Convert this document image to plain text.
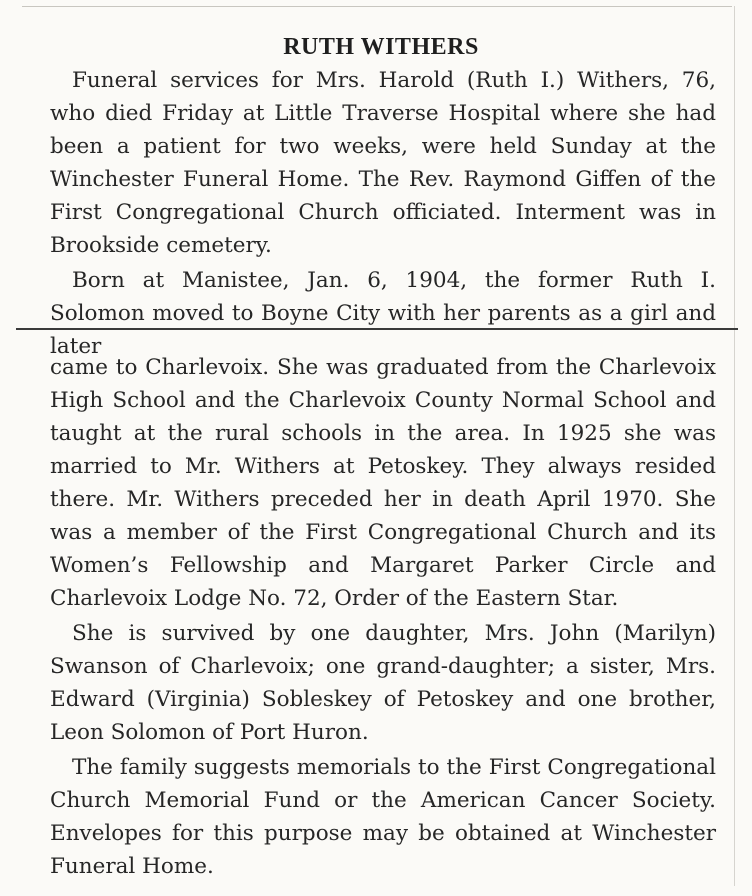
RUTH WITHERS

Funeral services for Mrs. Harold (Ruth I.) Withers, 76, who died Friday at Little Traverse Hospital where she had been a patient for two weeks, were held Sunday at the Winchester Funeral Home. The Rev. Raymond Giffen of the First Congregational Church officiated. Interment was in Brookside cemetery.

Born at Manistee, Jan. 6, 1904, the former Ruth I. Solomon moved to Boyne City with her parents as a girl and later

came to Charlevoix. She was graduated from the Charlevoix High School and the Charlevoix County Normal School and taught at the rural schools in the area. In 1925 she was married to Mr. Withers at Petoskey. They always resided there. Mr. Withers preceded her in death April 1970. She was a member of the First Congregational Church and its Women’s Fellowship and Margaret Parker Circle and Charlevoix Lodge No. 72, Order of the Eastern Star.

She is survived by one daughter, Mrs. John (Marilyn) Swanson of Charlevoix; one grand-daughter; a sister, Mrs. Edward (Virginia) Sobleskey of Petoskey and one brother, Leon Solomon of Port Huron.

The family suggests memorials to the First Congregational Church Memorial Fund or the American Cancer Society. Envelopes for this purpose may be obtained at Winchester Funeral Home.
